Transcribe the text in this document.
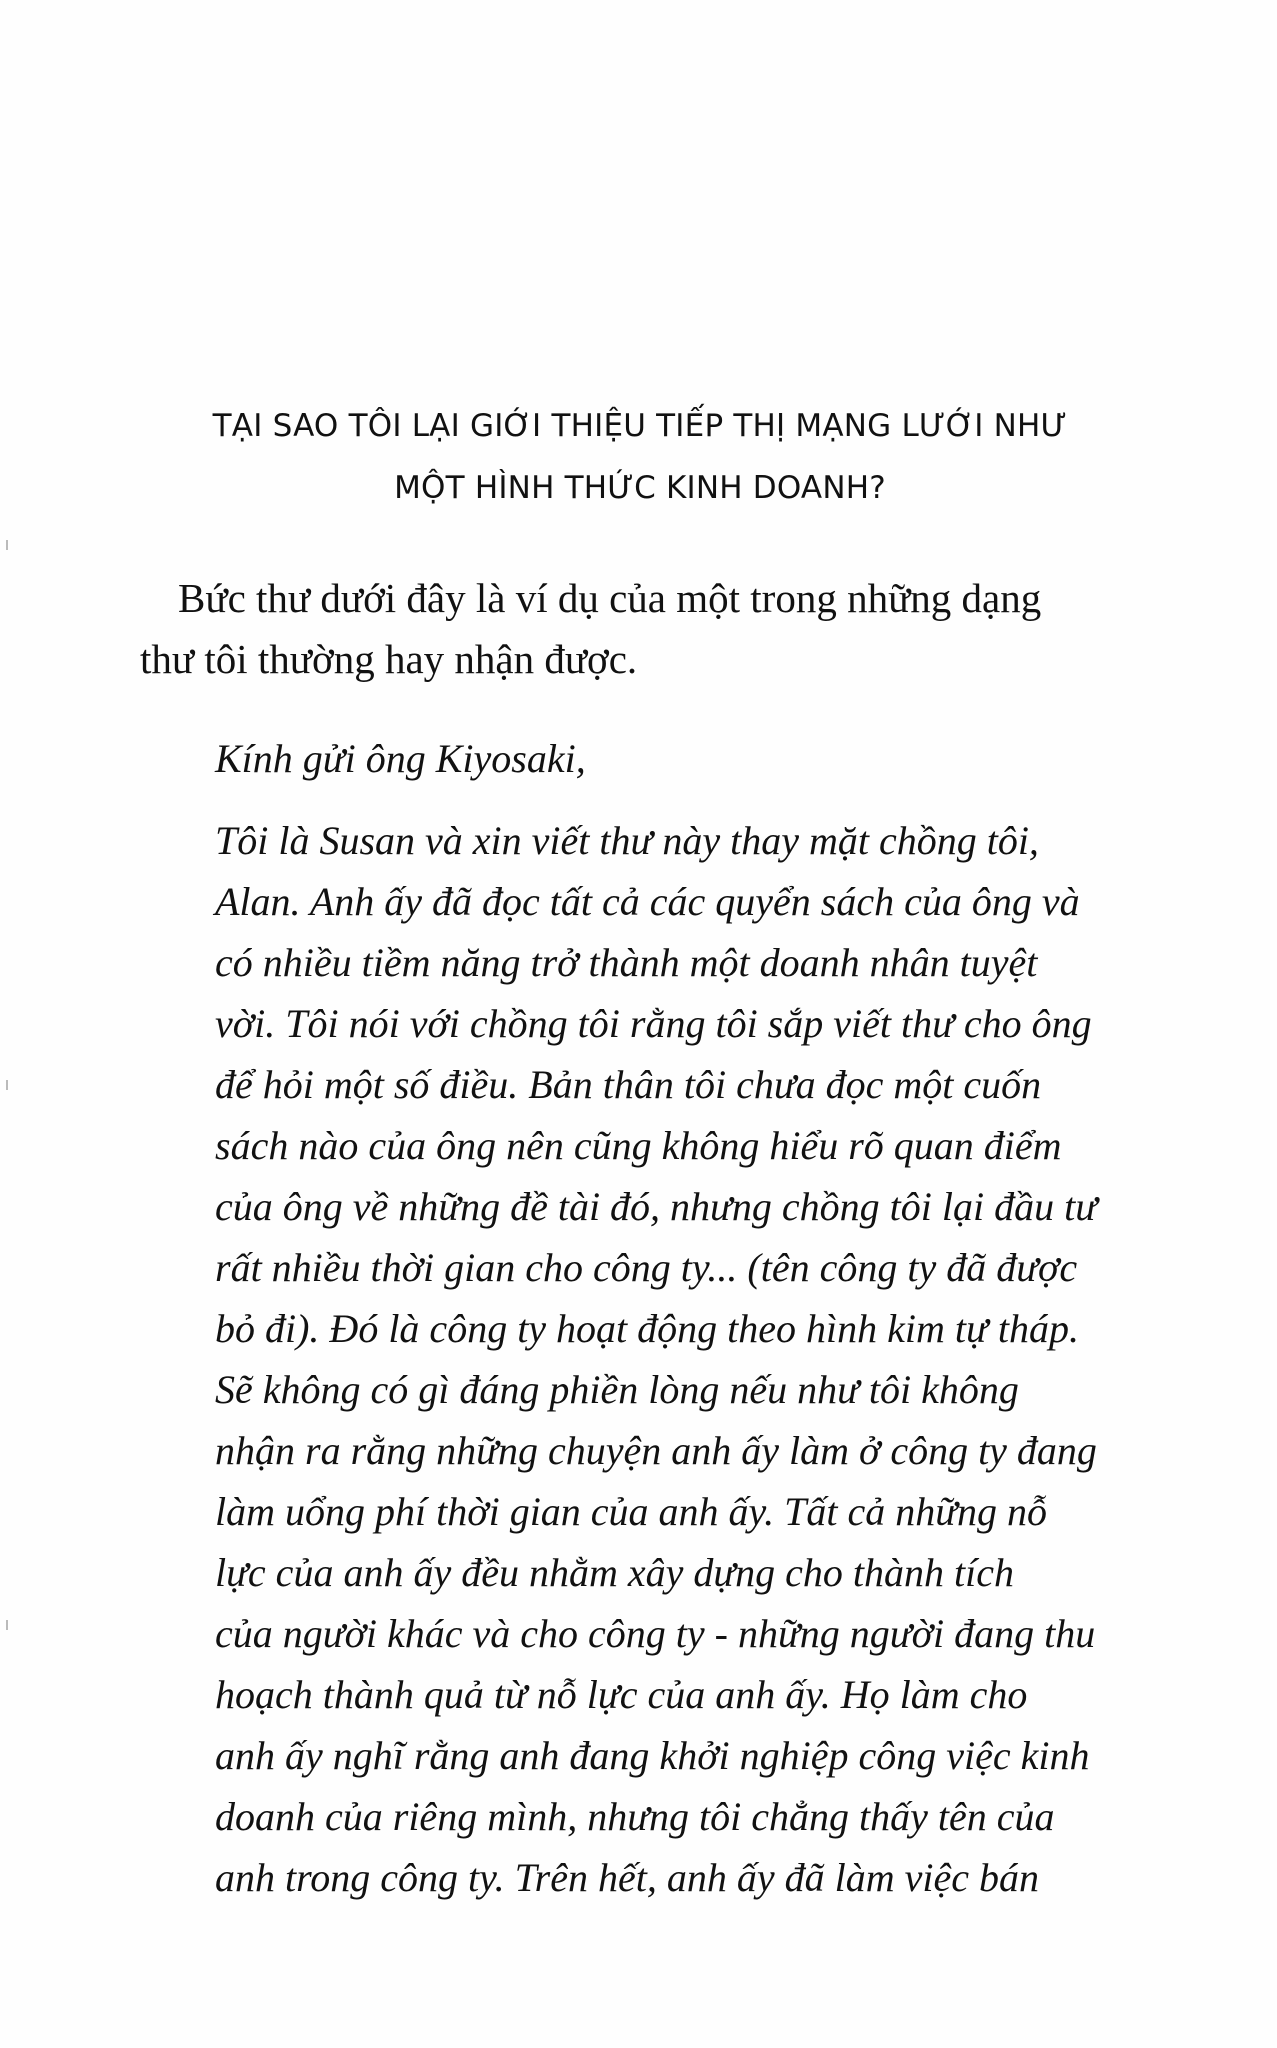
TẠI SAO TÔI LẠI GIỚI THIỆU TIẾP THỊ MẠNG LƯỚI NHƯ
MỘT HÌNH THỨC KINH DOANH?

Bức thư dưới đây là ví dụ của một trong những dạng
thư tôi thường hay nhận được.

Kính gửi ông Kiyosaki,

Tôi là Susan và xin viết thư này thay mặt chồng tôi,
Alan. Anh ấy đã đọc tất cả các quyển sách của ông và
có nhiều tiềm năng trở thành một doanh nhân tuyệt
vời. Tôi nói với chồng tôi rằng tôi sắp viết thư cho ông
để hỏi một số điều. Bản thân tôi chưa đọc một cuốn
sách nào của ông nên cũng không hiểu rõ quan điểm
của ông về những đề tài đó, nhưng chồng tôi lại đầu tư
rất nhiều thời gian cho công ty... (tên công ty đã được
bỏ đi). Đó là công ty hoạt động theo hình kim tự tháp.
Sẽ không có gì đáng phiền lòng nếu như tôi không
nhận ra rằng những chuyện anh ấy làm ở công ty đang
làm uổng phí thời gian của anh ấy. Tất cả những nỗ
lực của anh ấy đều nhằm xây dựng cho thành tích
của người khác và cho công ty - những người đang thu
hoạch thành quả từ nỗ lực của anh ấy. Họ làm cho
anh ấy nghĩ rằng anh đang khởi nghiệp công việc kinh
doanh của riêng mình, nhưng tôi chẳng thấy tên của
anh trong công ty. Trên hết, anh ấy đã làm việc bán
